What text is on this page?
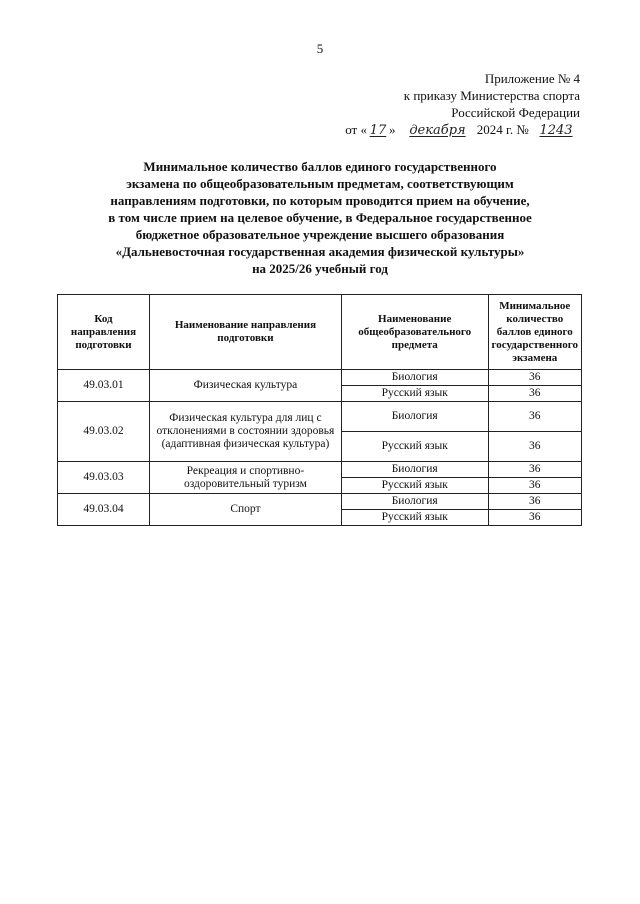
5
Приложение № 4
к приказу Министерства спорта
Российской Федерации
от « 17 » декабря 2024 г. № 1243
Минимальное количество баллов единого государственного
экзамена по общеобразовательным предметам, соответствующим
направлениям подготовки, по которым проводится прием на обучение,
в том числе прием на целевое обучение, в Федеральное государственное
бюджетное образовательное учреждение высшего образования
«Дальневосточная государственная академия физической культуры»
на 2025/26 учебный год
Код направления подготовки	Наименование направления подготовки	Наименование общеобразовательного предмета	Минимальное количество баллов единого государственного экзамена
49.03.01	Физическая культура	Биология	36
		Русский язык	36
49.03.02	Физическая культура для лиц с отклонениями в состоянии здоровья (адаптивная физическая культура)	Биология	36
		Русский язык	36
49.03.03	Рекреация и спортивно-оздоровительный туризм	Биология	36
		Русский язык	36
49.03.04	Спорт	Биология	36
		Русский язык	36
